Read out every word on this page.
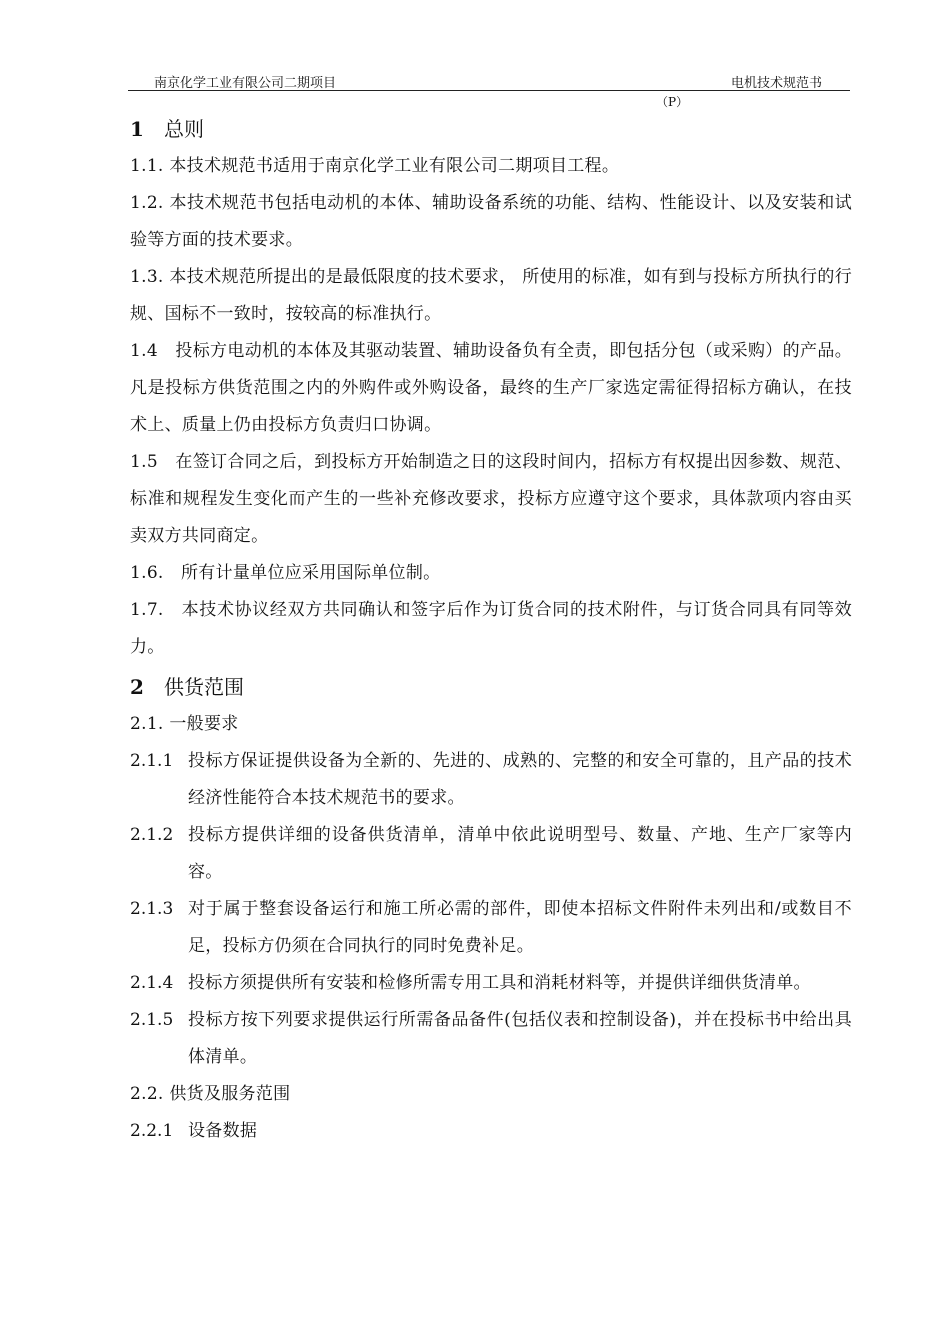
南京化学工业有限公司二期项目	电机技术规范书
（P）
1 总则

1.1. 本技术规范书适用于南京化学工业有限公司二期项目工程。

1.2. 本技术规范书包括电动机的本体、辅助设备系统的功能、结构、性能设计、以及安装和试验等方面的技术要求。

1.3. 本技术规范所提出的是最低限度的技术要求， 所使用的标准，如有到与投标方所执行的行规、国标不一致时，按较高的标准执行。

1.4　投标方电动机的本体及其驱动装置、辅助设备负有全责，即包括分包（或采购）的产品。凡是投标方供货范围之内的外购件或外购设备，最终的生产厂家选定需征得招标方确认，在技术上、质量上仍由投标方负责归口协调。

1.5　在签订合同之后，到投标方开始制造之日的这段时间内，招标方有权提出因参数、规范、标准和规程发生变化而产生的一些补充修改要求，投标方应遵守这个要求，具体款项内容由买卖双方共同商定。

1.6.　所有计量单位应采用国际单位制。

1.7.　本技术协议经双方共同确认和签字后作为订货合同的技术附件，与订货合同具有同等效力。

2 供货范围

2.1. 一般要求

2.1.1 投标方保证提供设备为全新的、先进的、成熟的、完整的和安全可靠的，且产品的技术经济性能符合本技术规范书的要求。
2.1.2 投标方提供详细的设备供货清单，清单中依此说明型号、数量、产地、生产厂家等内容。
2.1.3 对于属于整套设备运行和施工所必需的部件，即使本招标文件附件未列出和/或数目不足，投标方仍须在合同执行的同时免费补足。
2.1.4 投标方须提供所有安装和检修所需专用工具和消耗材料等，并提供详细供货清单。
2.1.5 投标方按下列要求提供运行所需备品备件(包括仪表和控制设备)，并在投标书中给出具体清单。

2.2. 供货及服务范围

2.2.1 设备数据
